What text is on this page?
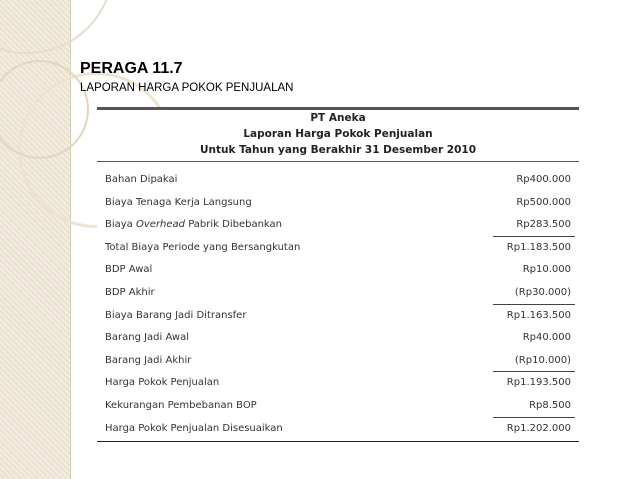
PERAGA 11.7

LAPORAN HARGA POKOK PENJUALAN

PT Aneka
Laporan Harga Pokok Penjualan
Untuk Tahun yang Berakhir 31 Desember 2010
Bahan Dipakai	Rp400.000
Biaya Tenaga Kerja Langsung	Rp500.000
Biaya Overhead Pabrik Dibebankan	Rp283.500
Total Biaya Periode yang Bersangkutan	Rp1.183.500
BDP Awal	Rp10.000
BDP Akhir	(Rp30.000)
Biaya Barang Jadi Ditransfer	Rp1.163.500
Barang Jadi Awal	Rp40.000
Barang Jadi Akhir	(Rp10.000)
Harga Pokok Penjualan	Rp1.193.500
Kekurangan Pembebanan BOP	Rp8.500
Harga Pokok Penjualan Disesuaikan	Rp1.202.000
